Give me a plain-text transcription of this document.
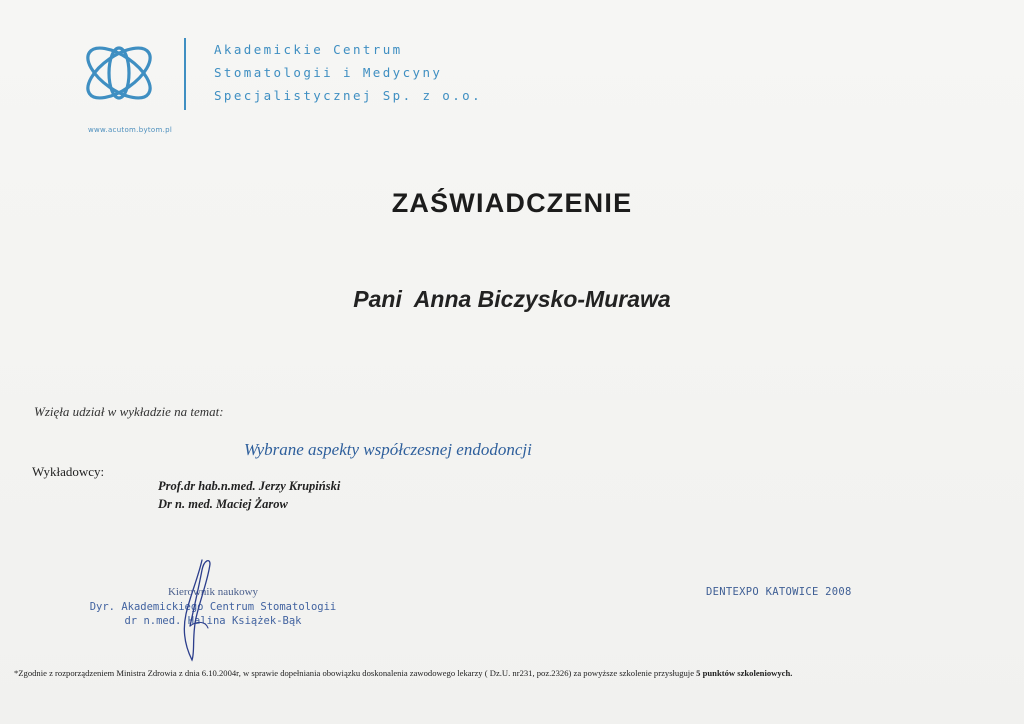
Akademickie Centrum
Stomatologii i Medycyny
Specjalistycznej Sp. z o.o.
www.acutom.bytom.pl
ZAŚWIADCZENIE
Pani  Anna Biczysko-Murawa
Wzięła udział w wykładzie na temat:
Wybrane aspekty współczesnej endodoncji
Wykładowcy:
Prof.dr hab.n.med. Jerzy Krupiński
Dr n. med. Maciej Żarow
Kierownik naukowy
Dyr. Akademickiego Centrum Stomatologii
dr n.med. Halina Książek-Bąk
DENTEXPO KATOWICE 2008
*Zgodnie z rozporządzeniem Ministra Zdrowia z dnia 6.10.2004r, w sprawie dopełniania obowiązku doskonalenia zawodowego lekarzy ( Dz.U. nr231, poz.2326) za powyższe szkolenie przysługuje 5 punktów szkoleniowych.
